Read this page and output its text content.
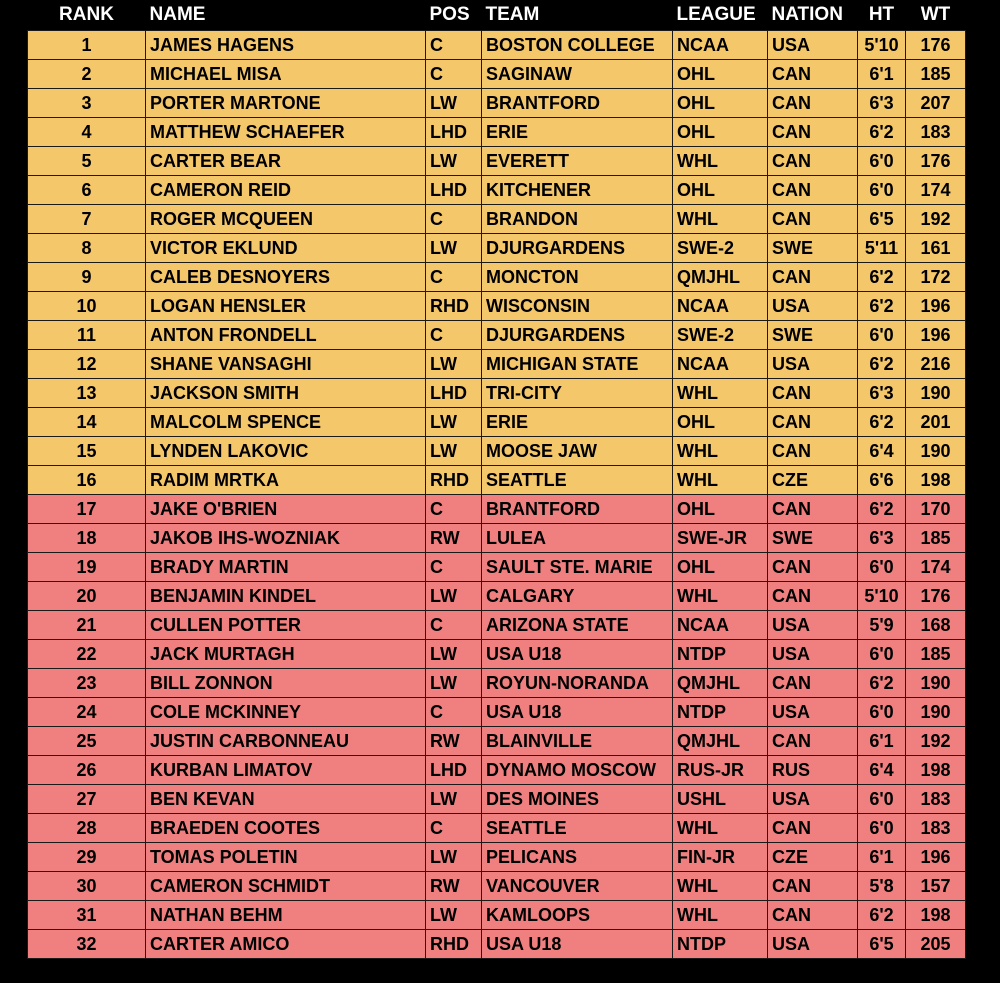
RANK	NAME	POS	TEAM	LEAGUE	NATION	HT	WT
1	JAMES HAGENS	C	BOSTON COLLEGE	NCAA	USA	5'10	176
2	MICHAEL MISA	C	SAGINAW	OHL	CAN	6'1	185
3	PORTER MARTONE	LW	BRANTFORD	OHL	CAN	6'3	207
4	MATTHEW SCHAEFER	LHD	ERIE	OHL	CAN	6'2	183
5	CARTER BEAR	LW	EVERETT	WHL	CAN	6'0	176
6	CAMERON REID	LHD	KITCHENER	OHL	CAN	6'0	174
7	ROGER MCQUEEN	C	BRANDON	WHL	CAN	6'5	192
8	VICTOR EKLUND	LW	DJURGARDENS	SWE-2	SWE	5'11	161
9	CALEB DESNOYERS	C	MONCTON	QMJHL	CAN	6'2	172
10	LOGAN HENSLER	RHD	WISCONSIN	NCAA	USA	6'2	196
11	ANTON FRONDELL	C	DJURGARDENS	SWE-2	SWE	6'0	196
12	SHANE VANSAGHI	LW	MICHIGAN STATE	NCAA	USA	6'2	216
13	JACKSON SMITH	LHD	TRI-CITY	WHL	CAN	6'3	190
14	MALCOLM SPENCE	LW	ERIE	OHL	CAN	6'2	201
15	LYNDEN LAKOVIC	LW	MOOSE JAW	WHL	CAN	6'4	190
16	RADIM MRTKA	RHD	SEATTLE	WHL	CZE	6'6	198
17	JAKE O'BRIEN	C	BRANTFORD	OHL	CAN	6'2	170
18	JAKOB IHS-WOZNIAK	RW	LULEA	SWE-JR	SWE	6'3	185
19	BRADY MARTIN	C	SAULT STE. MARIE	OHL	CAN	6'0	174
20	BENJAMIN KINDEL	LW	CALGARY	WHL	CAN	5'10	176
21	CULLEN POTTER	C	ARIZONA STATE	NCAA	USA	5'9	168
22	JACK MURTAGH	LW	USA U18	NTDP	USA	6'0	185
23	BILL ZONNON	LW	ROYUN-NORANDA	QMJHL	CAN	6'2	190
24	COLE MCKINNEY	C	USA U18	NTDP	USA	6'0	190
25	JUSTIN CARBONNEAU	RW	BLAINVILLE	QMJHL	CAN	6'1	192
26	KURBAN LIMATOV	LHD	DYNAMO MOSCOW	RUS-JR	RUS	6'4	198
27	BEN KEVAN	LW	DES MOINES	USHL	USA	6'0	183
28	BRAEDEN COOTES	C	SEATTLE	WHL	CAN	6'0	183
29	TOMAS POLETIN	LW	PELICANS	FIN-JR	CZE	6'1	196
30	CAMERON SCHMIDT	RW	VANCOUVER	WHL	CAN	5'8	157
31	NATHAN BEHM	LW	KAMLOOPS	WHL	CAN	6'2	198
32	CARTER AMICO	RHD	USA U18	NTDP	USA	6'5	205
